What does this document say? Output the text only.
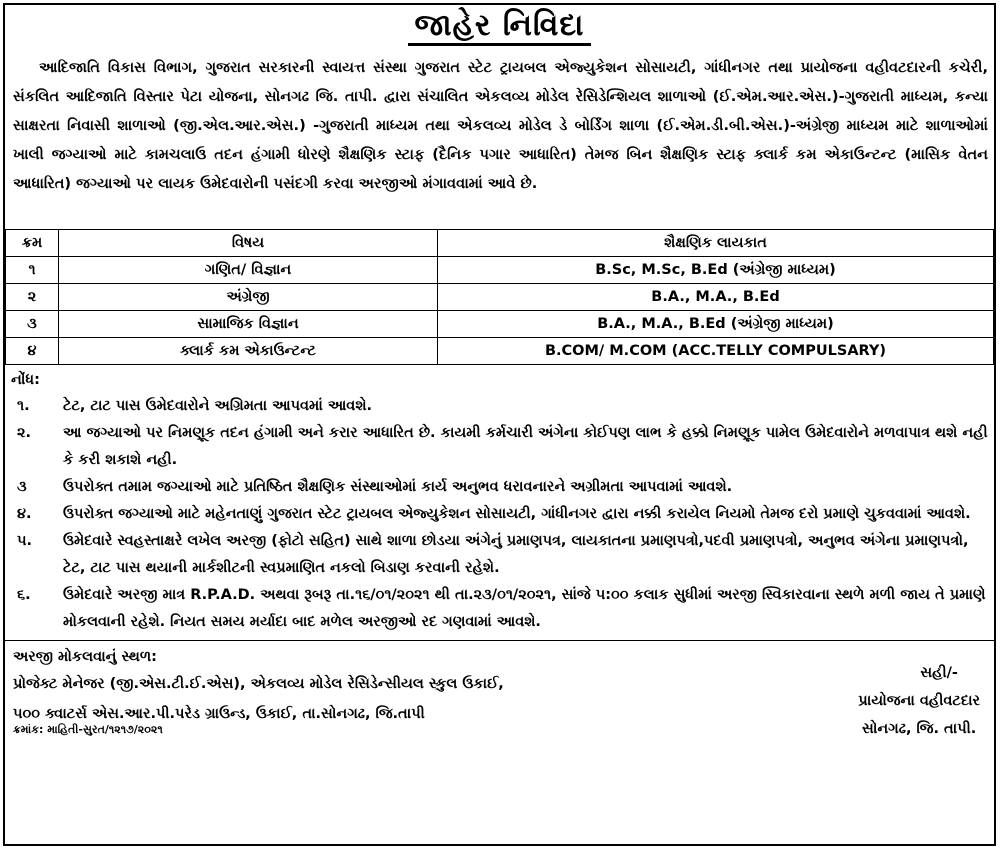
જાહેર નિવિદા
આદિજાતિ વિકાસ વિભાગ, ગુજરાત સરકારની સ્વાયત્ત સંસ્થા ગુજરાત સ્ટેટ ટ્રાયબલ એજ્યુકેશન સોસાયટી, ગાંધીનગર તથા પ્રાયોજના વહીવટદારની કચેરી, સંકલિત આદિજાતિ વિસ્તાર પેટા યોજના, સોનગઢ જિ. તાપી. દ્વારા સંચાલિત એકલવ્ય મોડેલ રેસિડેન્શિયલ શાળાઓ (ઈ.એમ.આર.એસ.)-ગુજરાતી માધ્યમ, કન્યા સાક્ષરતા નિવાસી શાળાઓ (જી.એલ.આર.એસ.) -ગુજરાતી માધ્યમ તથા એકલવ્ય મોડેલ ડે બોર્ડિંગ શાળા (ઈ.એમ.ડી.બી.એસ.)-અંગ્રેજી માધ્યમ માટે શાળાઓમાં ખાલી જગ્યાઓ માટે કામચલાઉ તદન હંગામી ધોરણે શૈક્ષણિક સ્ટાફ (દૈનિક પગાર આધારિત) તેમજ બિન શૈક્ષણિક સ્ટાફ ક્લાર્ક કમ એકાઉન્ટન્ટ (માસિક વેતન આધારિત) જગ્યાઓ પર લાયક ઉમેદવારોની પસંદગી કરવા અરજીઓ મંગાવવામાં આવે છે.
ક્રમ	વિષય	શૈક્ષણિક લાયકાત
૧	ગણિત/ વિજ્ઞાન	B.Sc, M.Sc, B.Ed (અંગ્રેજી માધ્યમ)
૨	અંગ્રેજી	B.A., M.A., B.Ed
૩	સામાજિક વિજ્ઞાન	B.A., M.A., B.Ed (અંગ્રેજી માધ્યમ)
૪	ક્લાર્ક કમ એકાઉન્ટન્ટ	B.COM/ M.COM (ACC.TELLY COMPULSARY)
નોંધ:
૧.	ટેટ, ટાટ પાસ ઉમેદવારોને અગ્રિમતા આપવમાં આવશે.
૨.	આ જગ્યાઓ પર નિમણૂક તદન હંગામી અને કરાર આધારિત છે. કાયમી કર્મચારી અંગેના કોઈપણ લાભ કે હક્કો નિમણૂક પામેલ ઉમેદવારોને મળવાપાત્ર થશે નહી કે કરી શકાશે નહી.
૩	ઉપરોક્ત તમામ જગ્યાઓ માટે પ્રતિષ્ઠિત શૈક્ષણિક સંસ્થાઓમાં કાર્ય અનુભવ ધરાવનારને અગ્રીમતા આપવામાં આવશે.
૪.	ઉપરોક્ત જગ્યાઓ માટે મહેનતાણું ગુજરાત સ્ટેટ ટ્રાયબલ એજ્યુકેશન સોસાયટી, ગાંધીનગર દ્વારા નક્કી કરાયેલ નિયમો તેમજ દરો પ્રમાણે ચુકવવામાં આવશે.
૫.	ઉમેદવારે સ્વહસ્તાક્ષરે લખેલ અરજી (ફોટો સહિત) સાથે શાળા છોડયા અંગેનું પ્રમાણપત્ર, લાયકાતના પ્રમાણપત્રો,પદવી પ્રમાણપત્રો, અનુભવ અંગેના પ્રમાણપત્રો, ટેટ, ટાટ પાસ થયાની માર્કશીટની સ્વપ્રમાણિત નકલો બિડાણ કરવાની રહેશે.
૬.	ઉમેદવારે અરજી માત્ર R.P.A.D. અથવા રૂબરૂ તા.૧૬/૦૧/૨૦૨૧ થી તા.૨૩/૦૧/૨૦૨૧, સાંજે ૫:૦૦ કલાક સુધીમાં અરજી સ્વિકારવાના સ્થળે મળી જાય તે પ્રમાણે મોકલવાની રહેશે. નિયત સમય મર્યાદા બાદ મળેલ અરજીઓ રદ ગણવામાં આવશે.
અરજી મોકલવાનું સ્થળ:
પ્રોજેક્ટ મેનેજર (જી.એસ.ટી.ઈ.એસ), એકલવ્ય મોડેલ રેસિડેન્સીયલ સ્કુલ ઉકાઈ,
૫૦૦ ક્વાટર્સ એસ.આર.પી.પરેડ ગ્રાઉન્ડ, ઉકાઈ, તા.સોનગઢ, જિ.તાપી
સહી/-
પ્રાયોજના વહીવટદાર
સોનગઢ, જિ. તાપી.
ક્રમાંક: માહિતી-સુરત/૧૨૧૭/૨૦૨૧
